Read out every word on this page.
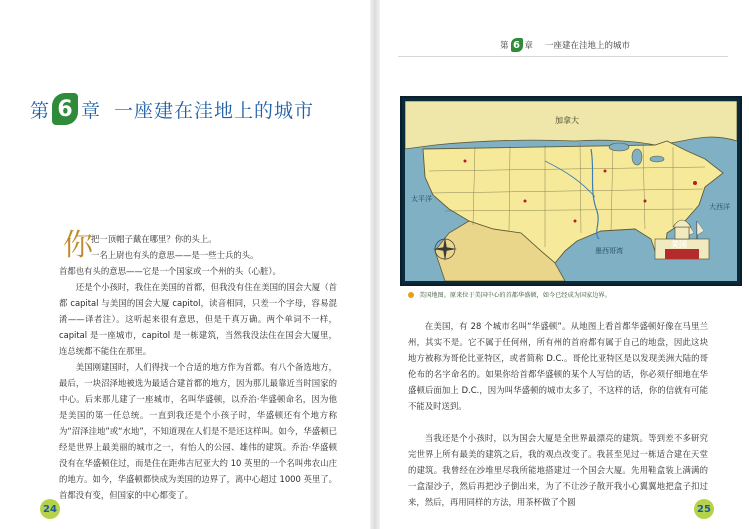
第 6 章 一座建在洼地上的城市
你
把一顶帽子戴在哪里？你的头上。
一名上尉也有头的意思——是一些士兵的头。

首都也有头的意思——它是一个国家或一个州的头（心脏）。

还是个小孩时，我住在美国的首都，但我没有住在美国的国会大厦（首都 capital 与美国的国会大厦 capitol，读音相同，只差一个字母，容易混淆——译者注）。这听起来很有意思，但是千真万确。两个单词不一样，capital 是一座城市，capitol 是一栋建筑，当然我没法住在国会大厦里，连总统都不能住在那里。

美国刚建国时，人们得找一个合适的地方作为首都。有八个备选地方，最后，一块沼泽地被选为最适合建首都的地方，因为那儿最靠近当时国家的中心。后来那儿建了一座城市，名叫华盛顿，以乔治·华盛顿命名，因为他是美国的第一任总统。一直到我还是个小孩子时，华盛顿还有个地方称为“沼泽洼地”或“水地”，不知道现在人们是不是还这样叫。如今，华盛顿已经是世界上最美丽的城市之一，有怡人的公园、雄伟的建筑。乔治·华盛顿没有在华盛顿住过，而是住在距弗吉尼亚大约 10 英里的一个名叫弗农山庄的地方。如今，华盛顿都快成为美国的边界了，离中心超过 1000 英里了。首都没有变，但国家的中心都变了。

24
第 6 章 一座建在洼地上的城市
加拿大
墨西哥湾
美国
太平洋
大西洋
美国地图。原来位于美国中心的首都华盛顿，如今已经成为国家边界。

在美国，有 28 个城市名叫“华盛顿”。从地图上看首都华盛顿好像在马里兰州，其实不是。它不属于任何州，所有州的首府都有属于自己的地盘，因此这块地方被称为哥伦比亚特区，或者简称 D.C.。哥伦比亚特区是以发现美洲大陆的哥伦布的名字命名的。如果你给首都华盛顿的某个人写信的话，你必须仔细地在华盛顿后面加上 D.C.，因为叫华盛顿的城市太多了，不这样的话，你的信就有可能不能及时送到。

当我还是个小孩时，以为国会大厦是全世界最漂亮的建筑。等到差不多研究完世界上所有最美的建筑之后，我的观点改变了。我甚至见过一栋适合建在天堂的建筑。我曾经在沙堆里尽我所能地搭建过一个国会大厦。先用鞋盒装上满满的一盒湿沙子，然后再把沙子倒出来，为了不让沙子散开我小心翼翼地把盒子扣过来，然后，再用同样的方法，用茶杯做了个圆

25
